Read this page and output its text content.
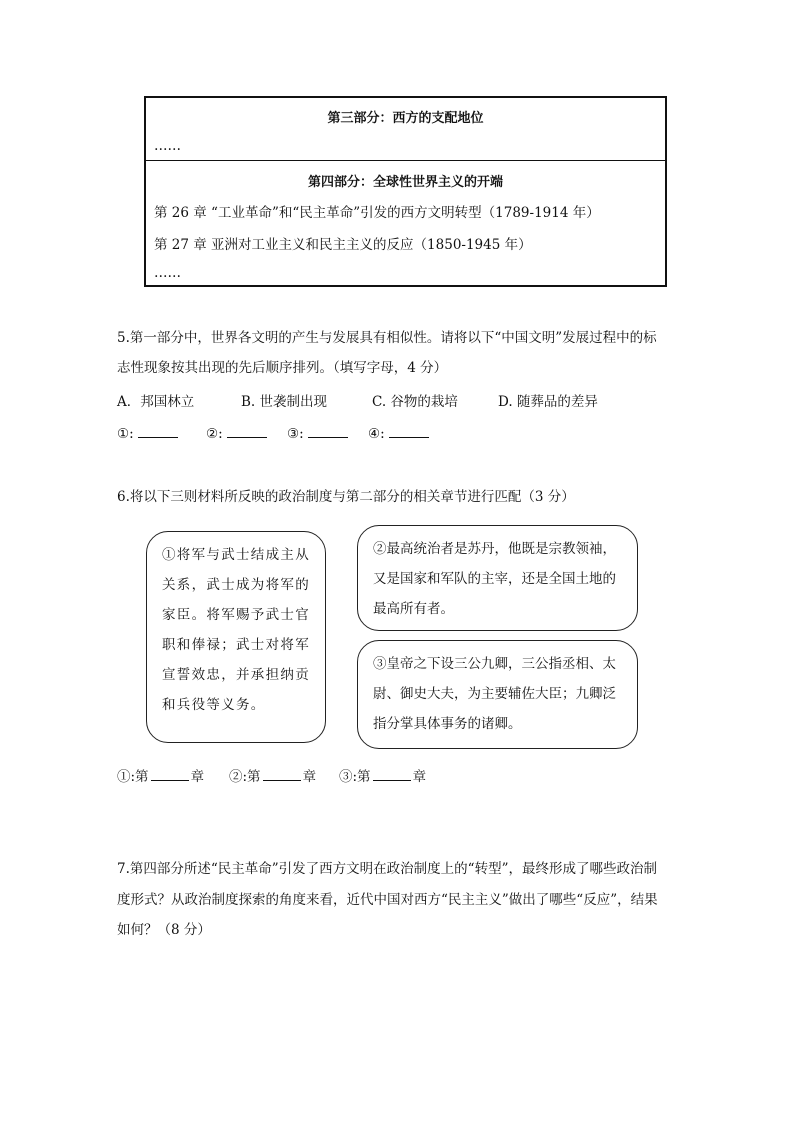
第三部分：西方的支配地位
……
第四部分：全球性世界主义的开端
第 26 章 “工业革命”和“民主革命”引发的西方文明转型（1789-1914 年）
第 27 章 亚洲对工业主义和民主主义的反应（1850-1945 年）
……
5.第一部分中，世界各文明的产生与发展具有相似性。请将以下“中国文明”发展过程中的标
志性现象按其出现的先后顺序排列。（填写字母，4 分）
A．邦国林立	B. 世袭制出现	C. 谷物的栽培	D. 随葬品的差异
①:	②:	③:	④:
6.将以下三则材料所反映的政治制度与第二部分的相关章节进行匹配（3 分）

①将军与武士结成主从

关系，武士成为将军的

家臣。将军赐予武士官

职和俸禄；武士对将军

宣誓效忠，并承担纳贡

和兵役等义务。

②最高统治者是苏丹，他既是宗教领袖，

又是国家和军队的主宰，还是全国土地的

最高所有者。

③皇帝之下设三公九卿，三公指丞相、太

尉、御史大夫，为主要辅佐大臣；九卿泛

指分掌具体事务的诸卿。

①:第	章 ②:第	章 ③:第	章
7.第四部分所述“民主革命”引发了西方文明在政治制度上的“转型”，最终形成了哪些政治制
度形式？从政治制度探索的角度来看，近代中国对西方“民主主义”做出了哪些“反应”，结果
如何？（8 分）
